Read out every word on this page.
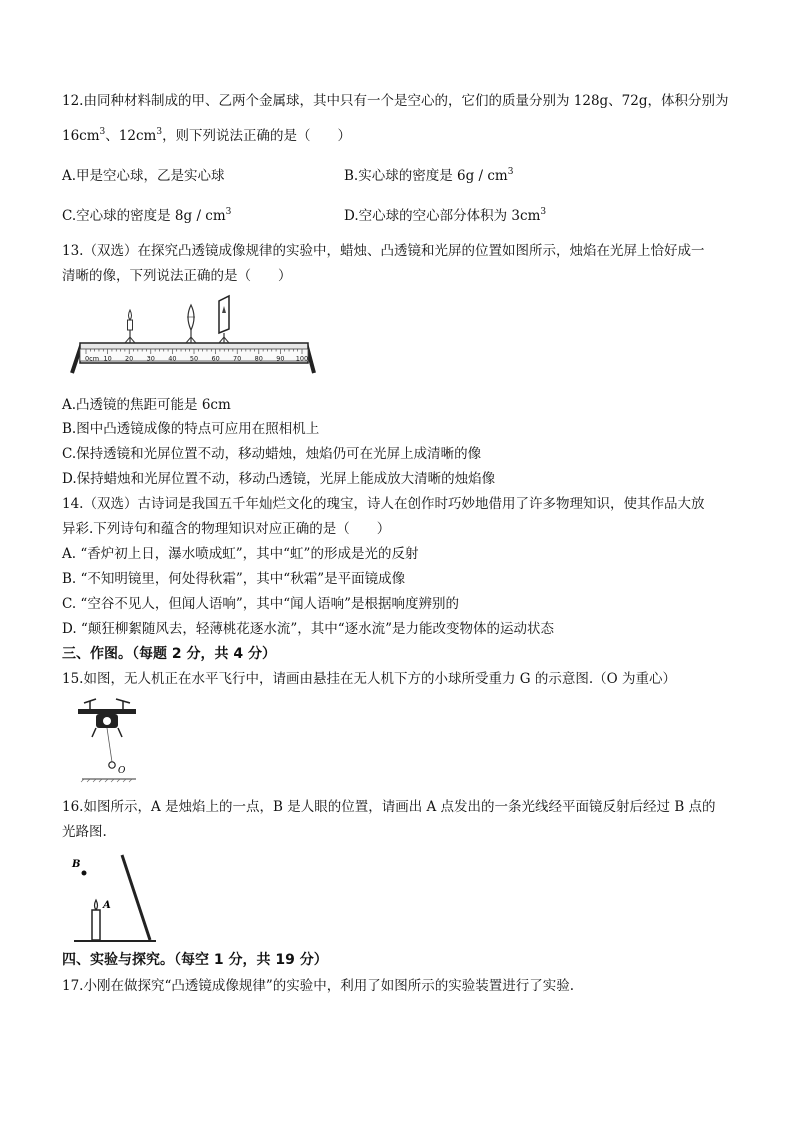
12.由同种材料制成的甲、乙两个金属球，其中只有一个是空心的，它们的质量分别为 128g、72g，体积分别为
$16cm^3$、$12cm^3$，则下列说法正确的是（　　）
A.甲是空心球，乙是实心球	B.实心球的密度是 $6g / cm^3$
C.空心球的密度是 $8g / cm^3$	D.空心球的空心部分体积为 $3cm^3$
13.（双选）在探究凸透镜成像规律的实验中，蜡烛、凸透镜和光屏的位置如图所示，烛焰在光屏上恰好成一
清晰的像，下列说法正确的是（　　）
0cm 10 20 30 40 50 60 70 80 90 100
A.凸透镜的焦距可能是 6cm
B.图中凸透镜成像的特点可应用在照相机上
C.保持透镜和光屏位置不动，移动蜡烛，烛焰仍可在光屏上成清晰的像
D.保持蜡烛和光屏位置不动，移动凸透镜，光屏上能成放大清晰的烛焰像
14.（双选）古诗词是我国五千年灿烂文化的瑰宝，诗人在创作时巧妙地借用了许多物理知识，使其作品大放
异彩.下列诗句和蕴含的物理知识对应正确的是（　　）
A. “香炉初上日，瀑水喷成虹”，其中“虹”的形成是光的反射
B. “不知明镜里，何处得秋霜”，其中“秋霜”是平面镜成像
C. “空谷不见人，但闻人语响”，其中“闻人语响”是根据响度辨别的
D. “颠狂柳絮随风去，轻薄桃花逐水流”，其中“逐水流”是力能改变物体的运动状态
三、作图。（每题 2 分，共 4 分）
15.如图，无人机正在水平飞行中，请画由悬挂在无人机下方的小球所受重力 G 的示意图.（O 为重心）
O
16.如图所示，A 是烛焰上的一点，B 是人眼的位置，请画出 A 点发出的一条光线经平面镜反射后经过 B 点的
光路图.
B
A
四、实验与探究。（每空 1 分，共 19 分）
17.小刚在做探究“凸透镜成像规律”的实验中，利用了如图所示的实验装置进行了实验.
